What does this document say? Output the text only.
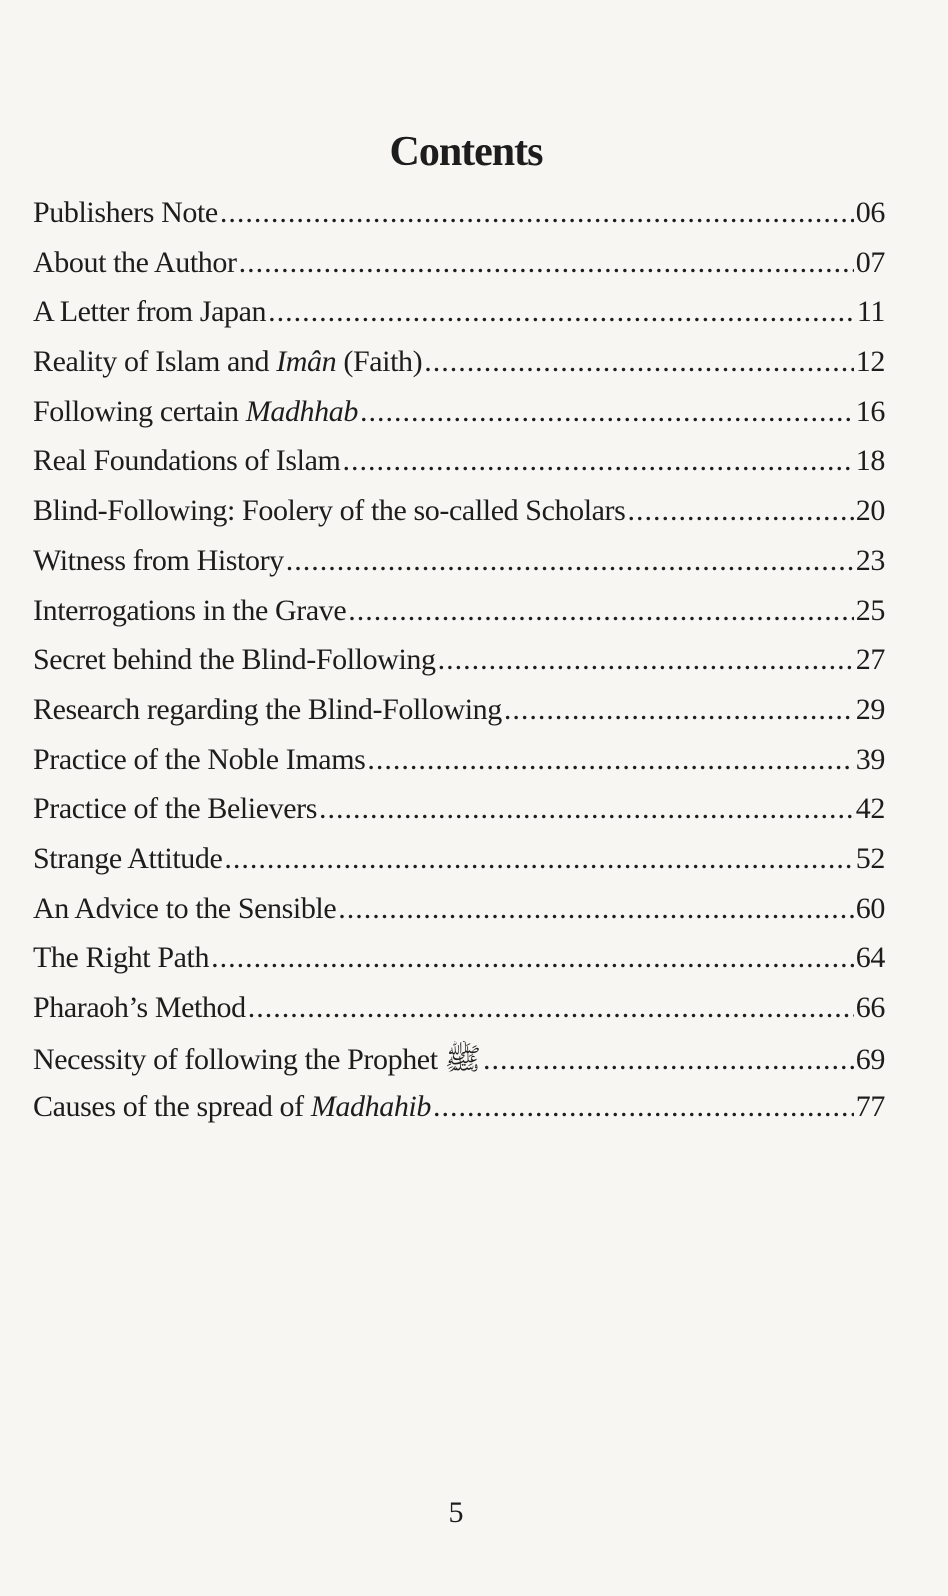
Contents
Publishers Note .....	06
About the Author .....	07
A Letter from Japan .....	11
Reality of Islam and Imân (Faith) .....	12
Following certain Madhhab .....	16
Real Foundations of Islam .....	18
Blind-Following: Foolery of the so-called Scholars .....	20
Witness from History .....	23
Interrogations in the Grave .....	25
Secret behind the Blind-Following .....	27
Research regarding the Blind-Following .....	29
Practice of the Noble Imams .....	39
Practice of the Believers .....	42
Strange Attitude .....	52
An Advice to the Sensible .....	60
The Right Path .....	64
Pharaoh’s Method .....	66
Necessity of following the Prophet ﷺ .....	69
Causes of the spread of Madhahib .....	77
5
